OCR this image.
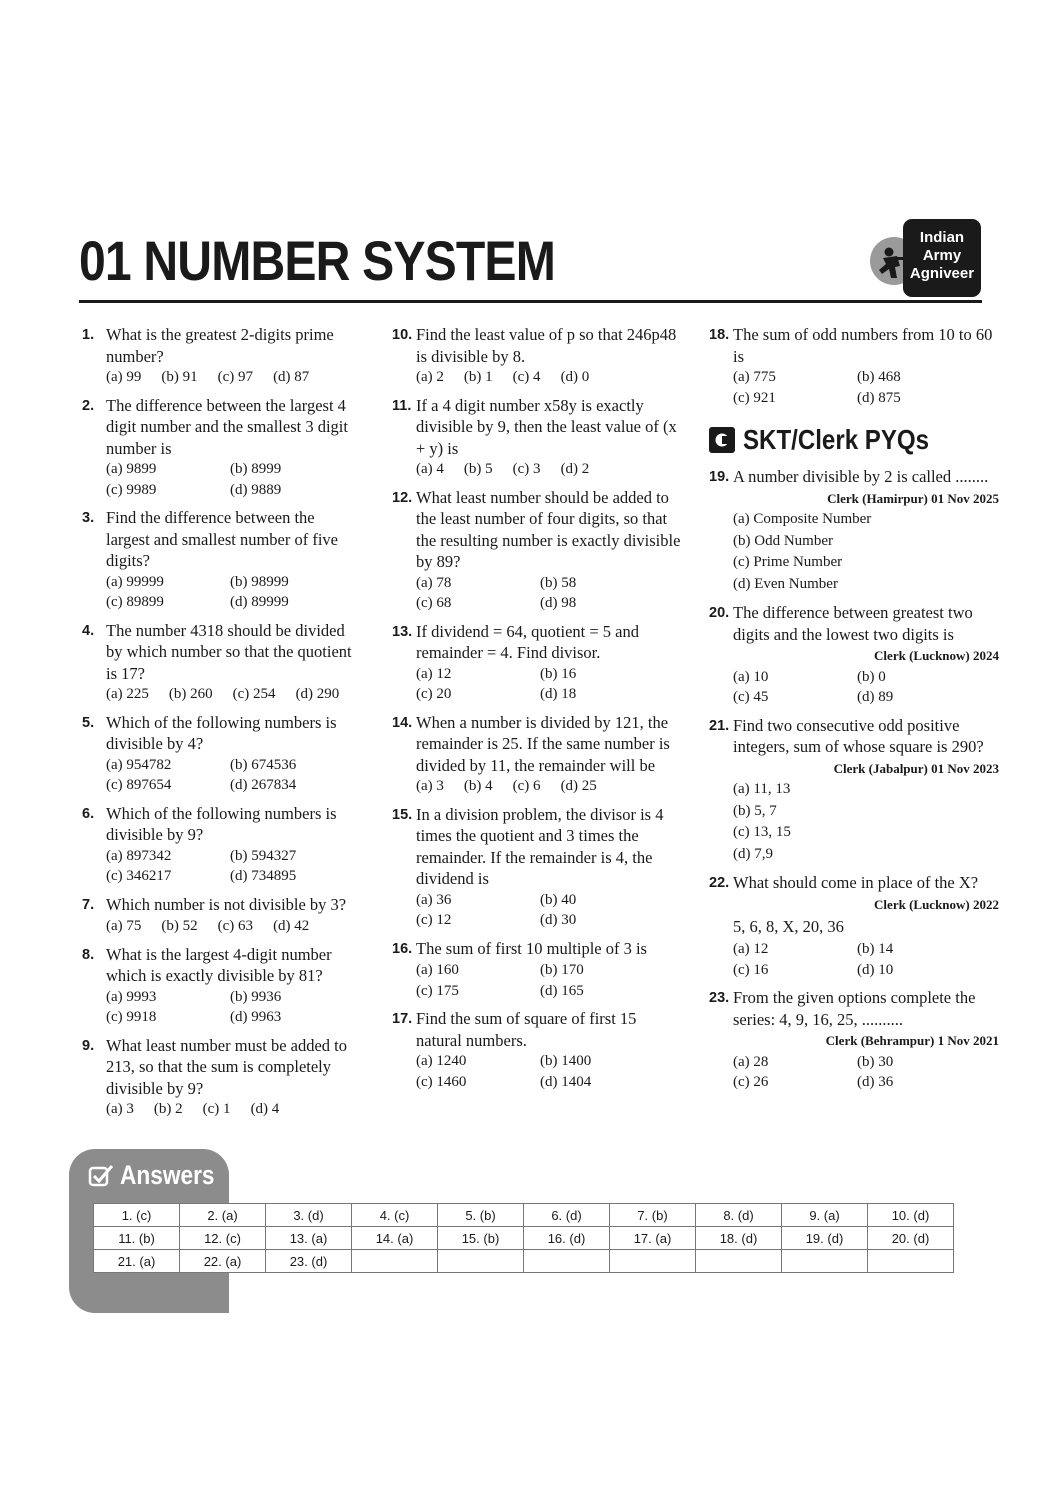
01 NUMBER SYSTEM	Indian
Army
Agniveer
1. What is the greatest 2-digits prime number?
(a) 99 (b) 91 (c) 97 (d) 87
2. The difference between the largest 4 digit number and the smallest 3 digit number is
(a) 9899	(b) 8999
(c) 9989	(d) 9889
3. Find the difference between the largest and smallest number of five digits?
(a) 99999	(b) 98999
(c) 89899	(d) 89999
4. The number 4318 should be divided by which number so that the quotient is 17?
(a) 225 (b) 260 (c) 254 (d) 290
5. Which of the following numbers is divisible by 4?
(a) 954782	(b) 674536
(c) 897654	(d) 267834
6. Which of the following numbers is divisible by 9?
(a) 897342	(b) 594327
(c) 346217	(d) 734895
7. Which number is not divisible by 3?
(a) 75 (b) 52 (c) 63 (d) 42
8. What is the largest 4-digit number which is exactly divisible by 81?
(a) 9993	(b) 9936
(c) 9918	(d) 9963
9. What least number must be added to 213, so that the sum is completely divisible by 9?
(a) 3 (b) 2 (c) 1 (d) 4
10. Find the least value of p so that 246p48 is divisible by 8.
(a) 2 (b) 1 (c) 4 (d) 0
11. If a 4 digit number x58y is exactly divisible by 9, then the least value of (x + y) is
(a) 4 (b) 5 (c) 3 (d) 2
12. What least number should be added to the least number of four digits, so that the resulting number is exactly divisible by 89?
(a) 78	(b) 58
(c) 68	(d) 98
13. If dividend = 64, quotient = 5 and remainder = 4. Find divisor.
(a) 12	(b) 16
(c) 20	(d) 18
14. When a number is divided by 121, the remainder is 25. If the same number is divided by 11, the remainder will be
(a) 3 (b) 4 (c) 6 (d) 25
15. In a division problem, the divisor is 4 times the quotient and 3 times the remainder. If the remainder is 4, the dividend is
(a) 36	(b) 40
(c) 12	(d) 30
16. The sum of first 10 multiple of 3 is
(a) 160	(b) 170
(c) 175	(d) 165
17. Find the sum of square of first 15 natural numbers.
(a) 1240	(b) 1400
(c) 1460	(d) 1404
18. The sum of odd numbers from 10 to 60 is
(a) 775	(b) 468
(c) 921	(d) 875
SKT/Clerk PYQs
19. A number divisible by 2 is called ........
Clerk (Hamirpur) 01 Nov 2025
(a) Composite Number
(b) Odd Number
(c) Prime Number
(d) Even Number
20. The difference between greatest two digits and the lowest two digits is
Clerk (Lucknow) 2024
(a) 10	(b) 0
(c) 45	(d) 89
21. Find two consecutive odd positive integers, sum of whose square is 290?
Clerk (Jabalpur) 01 Nov 2023
(a) 11, 13
(b) 5, 7
(c) 13, 15
(d) 7,9
22. What should come in place of the X?
Clerk (Lucknow) 2022
5, 6, 8, X, 20, 36
(a) 12	(b) 14
(c) 16	(d) 10
23. From the given options complete the series: 4, 9, 16, 25, ..........
Clerk (Behrampur) 1 Nov 2021
(a) 28	(b) 30
(c) 26	(d) 36
Answers
1. (c)	2. (a)	3. (d)	4. (c)	5. (b)	6. (d)	7. (b)	8. (d)	9. (a)	10. (d)
11. (b)	12. (c)	13. (a)	14. (a)	15. (b)	16. (d)	17. (a)	18. (d)	19. (d)	20. (d)
21. (a)	22. (a)	23. (d)							
